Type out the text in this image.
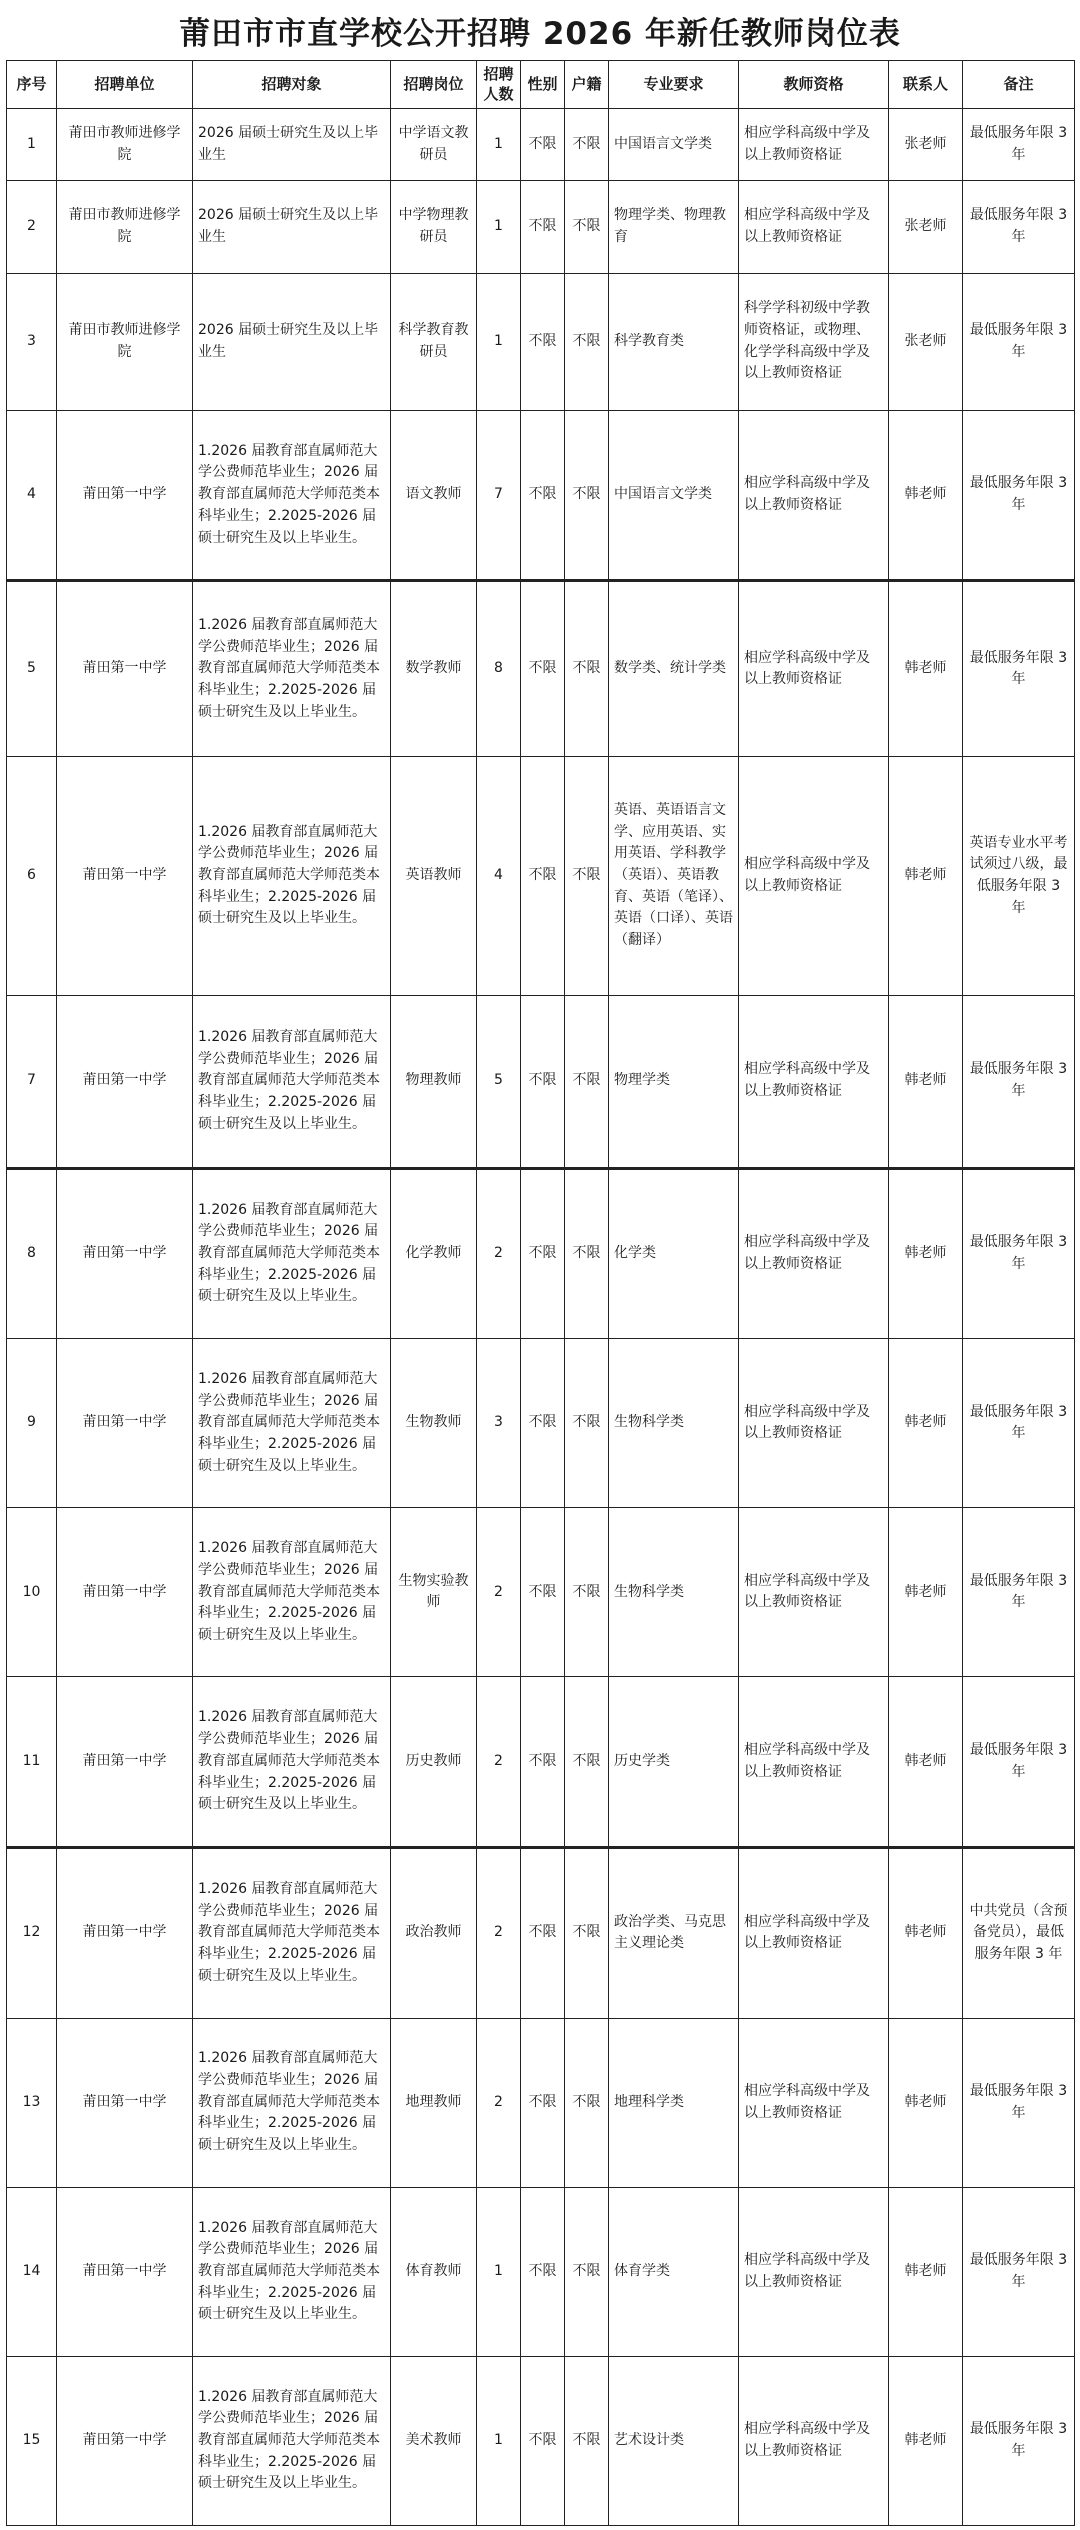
莆田市市直学校公开招聘 2026 年新任教师岗位表
序号	招聘单位	招聘对象	招聘岗位	招聘人数	性别	户籍	专业要求	教师资格	联系人	备注
1	莆田市教师进修学院	2026 届硕士研究生及以上毕业生	中学语文教研员	1	不限	不限	中国语言文学类	相应学科高级中学及以上教师资格证	张老师	最低服务年限 3 年
2	莆田市教师进修学院	2026 届硕士研究生及以上毕业生	中学物理教研员	1	不限	不限	物理学类、物理教育	相应学科高级中学及以上教师资格证	张老师	最低服务年限 3 年
3	莆田市教师进修学院	2026 届硕士研究生及以上毕业生	科学教育教研员	1	不限	不限	科学教育类	科学学科初级中学教师资格证，或物理、化学学科高级中学及以上教师资格证	张老师	最低服务年限 3 年
4	莆田第一中学	1.2026 届教育部直属师范大学公费师范毕业生；2026 届教育部直属师范大学师范类本科毕业生；2.2025-2026 届硕士研究生及以上毕业生。	语文教师	7	不限	不限	中国语言文学类	相应学科高级中学及以上教师资格证	韩老师	最低服务年限 3 年
5	莆田第一中学	1.2026 届教育部直属师范大学公费师范毕业生；2026 届教育部直属师范大学师范类本科毕业生；2.2025-2026 届硕士研究生及以上毕业生。	数学教师	8	不限	不限	数学类、统计学类	相应学科高级中学及以上教师资格证	韩老师	最低服务年限 3 年
6	莆田第一中学	1.2026 届教育部直属师范大学公费师范毕业生；2026 届教育部直属师范大学师范类本科毕业生；2.2025-2026 届硕士研究生及以上毕业生。	英语教师	4	不限	不限	英语、英语语言文学、应用英语、实用英语、学科教学（英语）、英语教育、英语（笔译）、英语（口译）、英语（翻译）	相应学科高级中学及以上教师资格证	韩老师	英语专业水平考试须过八级，最低服务年限 3 年
7	莆田第一中学	1.2026 届教育部直属师范大学公费师范毕业生；2026 届教育部直属师范大学师范类本科毕业生；2.2025-2026 届硕士研究生及以上毕业生。	物理教师	5	不限	不限	物理学类	相应学科高级中学及以上教师资格证	韩老师	最低服务年限 3 年
8	莆田第一中学	1.2026 届教育部直属师范大学公费师范毕业生；2026 届教育部直属师范大学师范类本科毕业生；2.2025-2026 届硕士研究生及以上毕业生。	化学教师	2	不限	不限	化学类	相应学科高级中学及以上教师资格证	韩老师	最低服务年限 3 年
9	莆田第一中学	1.2026 届教育部直属师范大学公费师范毕业生；2026 届教育部直属师范大学师范类本科毕业生；2.2025-2026 届硕士研究生及以上毕业生。	生物教师	3	不限	不限	生物科学类	相应学科高级中学及以上教师资格证	韩老师	最低服务年限 3 年
10	莆田第一中学	1.2026 届教育部直属师范大学公费师范毕业生；2026 届教育部直属师范大学师范类本科毕业生；2.2025-2026 届硕士研究生及以上毕业生。	生物实验教师	2	不限	不限	生物科学类	相应学科高级中学及以上教师资格证	韩老师	最低服务年限 3 年
11	莆田第一中学	1.2026 届教育部直属师范大学公费师范毕业生；2026 届教育部直属师范大学师范类本科毕业生；2.2025-2026 届硕士研究生及以上毕业生。	历史教师	2	不限	不限	历史学类	相应学科高级中学及以上教师资格证	韩老师	最低服务年限 3 年
12	莆田第一中学	1.2026 届教育部直属师范大学公费师范毕业生；2026 届教育部直属师范大学师范类本科毕业生；2.2025-2026 届硕士研究生及以上毕业生。	政治教师	2	不限	不限	政治学类、马克思主义理论类	相应学科高级中学及以上教师资格证	韩老师	中共党员（含预备党员），最低服务年限 3 年
13	莆田第一中学	1.2026 届教育部直属师范大学公费师范毕业生；2026 届教育部直属师范大学师范类本科毕业生；2.2025-2026 届硕士研究生及以上毕业生。	地理教师	2	不限	不限	地理科学类	相应学科高级中学及以上教师资格证	韩老师	最低服务年限 3 年
14	莆田第一中学	1.2026 届教育部直属师范大学公费师范毕业生；2026 届教育部直属师范大学师范类本科毕业生；2.2025-2026 届硕士研究生及以上毕业生。	体育教师	1	不限	不限	体育学类	相应学科高级中学及以上教师资格证	韩老师	最低服务年限 3 年
15	莆田第一中学	1.2026 届教育部直属师范大学公费师范毕业生；2026 届教育部直属师范大学师范类本科毕业生；2.2025-2026 届硕士研究生及以上毕业生。	美术教师	1	不限	不限	艺术设计类	相应学科高级中学及以上教师资格证	韩老师	最低服务年限 3 年
